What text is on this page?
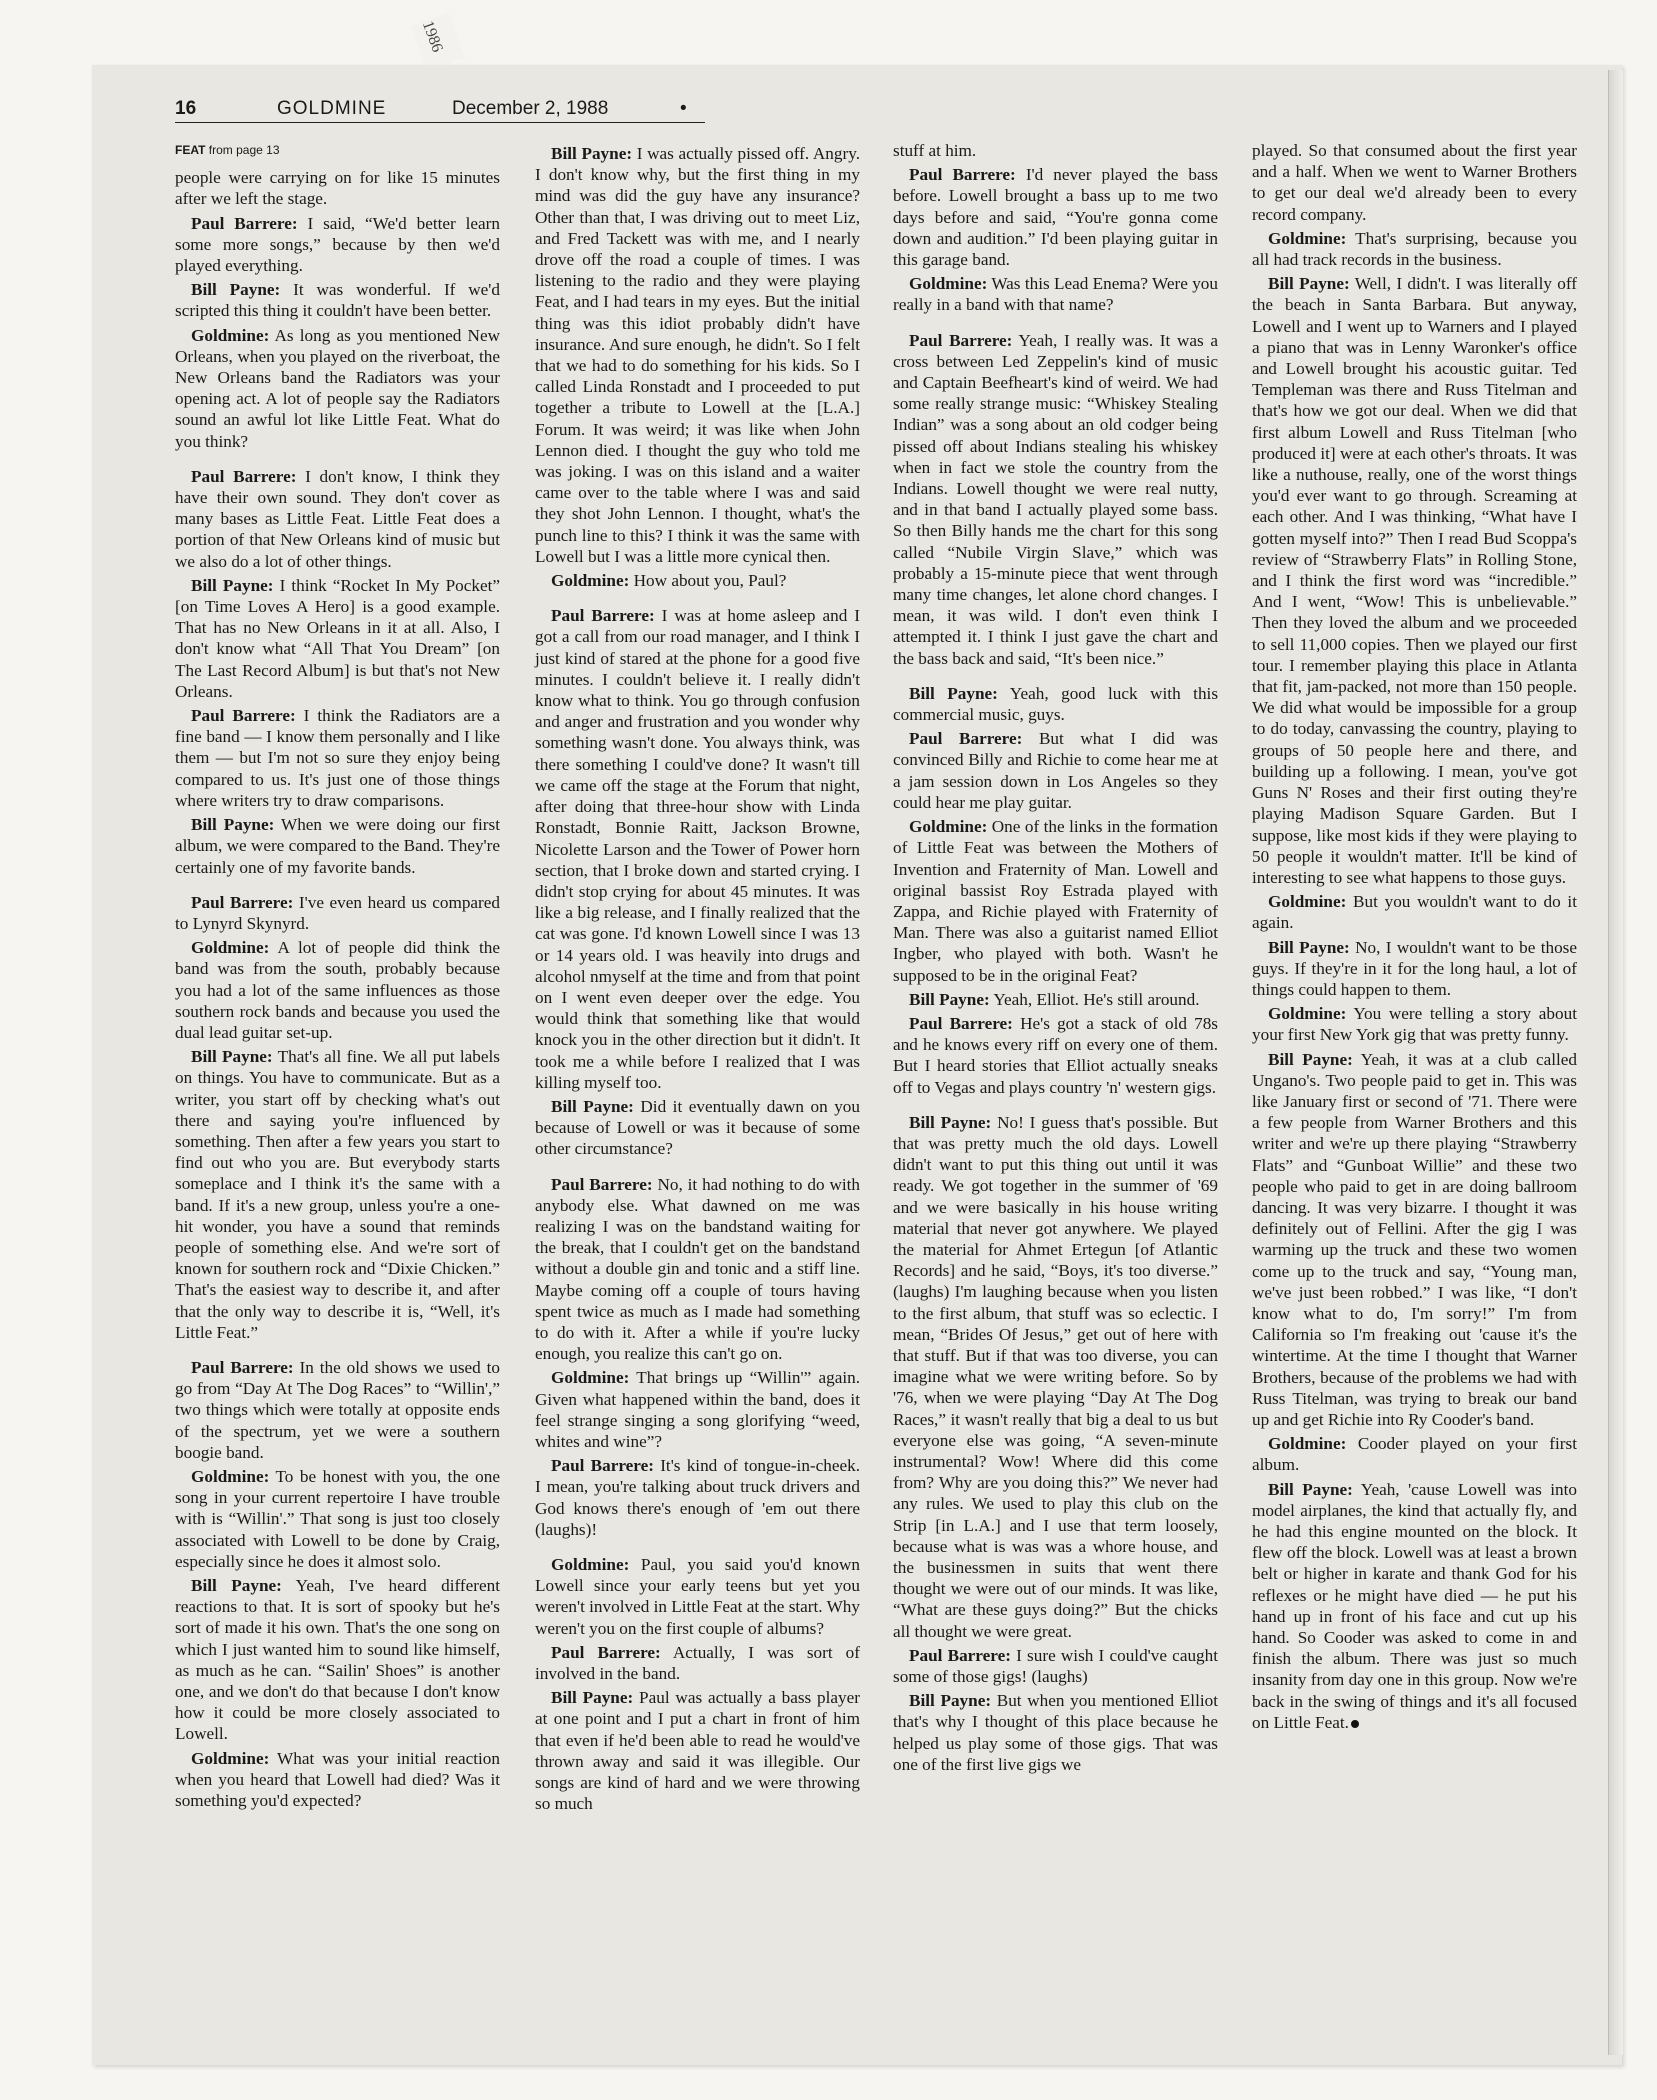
1986
16	GOLDMINE	December 2, 1988	•
FEAT from page 13

people were carrying on for like 15 minutes after we left the stage.

Paul Barrere: I said, “We'd better learn some more songs,” because by then we'd played everything.

Bill Payne: It was wonderful. If we'd scripted this thing it couldn't have been better.

Goldmine: As long as you mentioned New Orleans, when you played on the riverboat, the New Orleans band the Radiators was your opening act. A lot of people say the Radiators sound an awful lot like Little Feat. What do you think?

Paul Barrere: I don't know, I think they have their own sound. They don't cover as many bases as Little Feat. Little Feat does a portion of that New Orleans kind of music but we also do a lot of other things.

Bill Payne: I think “Rocket In My Pocket” [on Time Loves A Hero] is a good example. That has no New Orleans in it at all. Also, I don't know what “All That You Dream” [on The Last Record Album] is but that's not New Orleans.

Paul Barrere: I think the Radiators are a fine band — I know them personally and I like them — but I'm not so sure they enjoy being compared to us. It's just one of those things where writers try to draw comparisons.

Bill Payne: When we were doing our first album, we were compared to the Band. They're certainly one of my favorite bands.

Paul Barrere: I've even heard us compared to Lynyrd Skynyrd.

Goldmine: A lot of people did think the band was from the south, probably because you had a lot of the same influences as those southern rock bands and because you used the dual lead guitar set-up.

Bill Payne: That's all fine. We all put labels on things. You have to communicate. But as a writer, you start off by checking what's out there and saying you're influenced by something. Then after a few years you start to find out who you are. But everybody starts someplace and I think it's the same with a band. If it's a new group, unless you're a one-hit wonder, you have a sound that reminds people of something else. And we're sort of known for southern rock and “Dixie Chicken.” That's the easiest way to describe it, and after that the only way to describe it is, “Well, it's Little Feat.”

Paul Barrere: In the old shows we used to go from “Day At The Dog Races” to “Willin',” two things which were totally at opposite ends of the spectrum, yet we were a southern boogie band.

Goldmine: To be honest with you, the one song in your current repertoire I have trouble with is “Willin'.” That song is just too closely associated with Lowell to be done by Craig, especially since he does it almost solo.

Bill Payne: Yeah, I've heard different reactions to that. It is sort of spooky but he's sort of made it his own. That's the one song on which I just wanted him to sound like himself, as much as he can. “Sailin' Shoes” is another one, and we don't do that because I don't know how it could be more closely associated to Lowell.

Goldmine: What was your initial reaction when you heard that Lowell had died? Was it something you'd expected?

Bill Payne: I was actually pissed off. Angry. I don't know why, but the first thing in my mind was did the guy have any insurance? Other than that, I was driving out to meet Liz, and Fred Tackett was with me, and I nearly drove off the road a couple of times. I was listening to the radio and they were playing Feat, and I had tears in my eyes. But the initial thing was this idiot probably didn't have insurance. And sure enough, he didn't. So I felt that we had to do something for his kids. So I called Linda Ronstadt and I proceeded to put together a tribute to Lowell at the [L.A.] Forum. It was weird; it was like when John Lennon died. I thought the guy who told me was joking. I was on this island and a waiter came over to the table where I was and said they shot John Lennon. I thought, what's the punch line to this? I think it was the same with Lowell but I was a little more cynical then.

Goldmine: How about you, Paul?

Paul Barrere: I was at home asleep and I got a call from our road manager, and I think I just kind of stared at the phone for a good five minutes. I couldn't believe it. I really didn't know what to think. You go through confusion and anger and frustration and you wonder why something wasn't done. You always think, was there something I could've done? It wasn't till we came off the stage at the Forum that night, after doing that three-hour show with Linda Ronstadt, Bonnie Raitt, Jackson Browne, Nicolette Larson and the Tower of Power horn section, that I broke down and started crying. I didn't stop crying for about 45 minutes. It was like a big release, and I finally realized that the cat was gone. I'd known Lowell since I was 13 or 14 years old. I was heavily into drugs and alcohol nmyself at the time and from that point on I went even deeper over the edge. You would think that something like that would knock you in the other direction but it didn't. It took me a while before I realized that I was killing myself too.

Bill Payne: Did it eventually dawn on you because of Lowell or was it because of some other circumstance?

Paul Barrere: No, it had nothing to do with anybody else. What dawned on me was realizing I was on the bandstand waiting for the break, that I couldn't get on the bandstand without a double gin and tonic and a stiff line. Maybe coming off a couple of tours having spent twice as much as I made had something to do with it. After a while if you're lucky enough, you realize this can't go on.

Goldmine: That brings up “Willin'” again. Given what happened within the band, does it feel strange singing a song glorifying “weed, whites and wine”?

Paul Barrere: It's kind of tongue-in-cheek. I mean, you're talking about truck drivers and God knows there's enough of 'em out there (laughs)!

Goldmine: Paul, you said you'd known Lowell since your early teens but yet you weren't involved in Little Feat at the start. Why weren't you on the first couple of albums?

Paul Barrere: Actually, I was sort of involved in the band.

Bill Payne: Paul was actually a bass player at one point and I put a chart in front of him that even if he'd been able to read he would've thrown away and said it was illegible. Our songs are kind of hard and we were throwing so much

stuff at him.

Paul Barrere: I'd never played the bass before. Lowell brought a bass up to me two days before and said, “You're gonna come down and audition.” I'd been playing guitar in this garage band.

Goldmine: Was this Lead Enema? Were you really in a band with that name?

Paul Barrere: Yeah, I really was. It was a cross between Led Zeppelin's kind of music and Captain Beefheart's kind of weird. We had some really strange music: “Whiskey Stealing Indian” was a song about an old codger being pissed off about Indians stealing his whiskey when in fact we stole the country from the Indians. Lowell thought we were real nutty, and in that band I actually played some bass. So then Billy hands me the chart for this song called “Nubile Virgin Slave,” which was probably a 15-minute piece that went through many time changes, let alone chord changes. I mean, it was wild. I don't even think I attempted it. I think I just gave the chart and the bass back and said, “It's been nice.”

Bill Payne: Yeah, good luck with this commercial music, guys.

Paul Barrere: But what I did was convinced Billy and Richie to come hear me at a jam session down in Los Angeles so they could hear me play guitar.

Goldmine: One of the links in the formation of Little Feat was between the Mothers of Invention and Fraternity of Man. Lowell and original bassist Roy Estrada played with Zappa, and Richie played with Fraternity of Man. There was also a guitarist named Elliot Ingber, who played with both. Wasn't he supposed to be in the original Feat?

Bill Payne: Yeah, Elliot. He's still around.

Paul Barrere: He's got a stack of old 78s and he knows every riff on every one of them. But I heard stories that Elliot actually sneaks off to Vegas and plays country 'n' western gigs.

Bill Payne: No! I guess that's possible. But that was pretty much the old days. Lowell didn't want to put this thing out until it was ready. We got together in the summer of '69 and we were basically in his house writing material that never got anywhere. We played the material for Ahmet Ertegun [of Atlantic Records] and he said, “Boys, it's too diverse.” (laughs) I'm laughing because when you listen to the first album, that stuff was so eclectic. I mean, “Brides Of Jesus,” get out of here with that stuff. But if that was too diverse, you can imagine what we were writing before. So by '76, when we were playing “Day At The Dog Races,” it wasn't really that big a deal to us but everyone else was going, “A seven-minute instrumental? Wow! Where did this come from? Why are you doing this?” We never had any rules. We used to play this club on the Strip [in L.A.] and I use that term loosely, because what is was was a whore house, and the businessmen in suits that went there thought we were out of our minds. It was like, “What are these guys doing?” But the chicks all thought we were great.

Paul Barrere: I sure wish I could've caught some of those gigs! (laughs)

Bill Payne: But when you mentioned Elliot that's why I thought of this place because he helped us play some of those gigs. That was one of the first live gigs we

played. So that consumed about the first year and a half. When we went to Warner Brothers to get our deal we'd already been to every record company.

Goldmine: That's surprising, because you all had track records in the business.

Bill Payne: Well, I didn't. I was literally off the beach in Santa Barbara. But anyway, Lowell and I went up to Warners and I played a piano that was in Lenny Waronker's office and Lowell brought his acoustic guitar. Ted Templeman was there and Russ Titelman and that's how we got our deal. When we did that first album Lowell and Russ Titelman [who produced it] were at each other's throats. It was like a nuthouse, really, one of the worst things you'd ever want to go through. Screaming at each other. And I was thinking, “What have I gotten myself into?” Then I read Bud Scoppa's review of “Strawberry Flats” in Rolling Stone, and I think the first word was “incredible.” And I went, “Wow! This is unbelievable.” Then they loved the album and we proceeded to sell 11,000 copies. Then we played our first tour. I remember playing this place in Atlanta that fit, jam-packed, not more than 150 people. We did what would be impossible for a group to do today, canvassing the country, playing to groups of 50 people here and there, and building up a following. I mean, you've got Guns N' Roses and their first outing they're playing Madison Square Garden. But I suppose, like most kids if they were playing to 50 people it wouldn't matter. It'll be kind of interesting to see what happens to those guys.

Goldmine: But you wouldn't want to do it again.

Bill Payne: No, I wouldn't want to be those guys. If they're in it for the long haul, a lot of things could happen to them.

Goldmine: You were telling a story about your first New York gig that was pretty funny.

Bill Payne: Yeah, it was at a club called Ungano's. Two people paid to get in. This was like January first or second of '71. There were a few people from Warner Brothers and this writer and we're up there playing “Strawberry Flats” and “Gunboat Willie” and these two people who paid to get in are doing ballroom dancing. It was very bizarre. I thought it was definitely out of Fellini. After the gig I was warming up the truck and these two women come up to the truck and say, “Young man, we've just been robbed.” I was like, “I don't know what to do, I'm sorry!” I'm from California so I'm freaking out 'cause it's the wintertime. At the time I thought that Warner Brothers, because of the problems we had with Russ Titelman, was trying to break our band up and get Richie into Ry Cooder's band.

Goldmine: Cooder played on your first album.

Bill Payne: Yeah, 'cause Lowell was into model airplanes, the kind that actually fly, and he had this engine mounted on the block. It flew off the block. Lowell was at least a brown belt or higher in karate and thank God for his reflexes or he might have died — he put his hand up in front of his face and cut up his hand. So Cooder was asked to come in and finish the album. There was just so much insanity from day one in this group. Now we're back in the swing of things and it's all focused on Little Feat.
